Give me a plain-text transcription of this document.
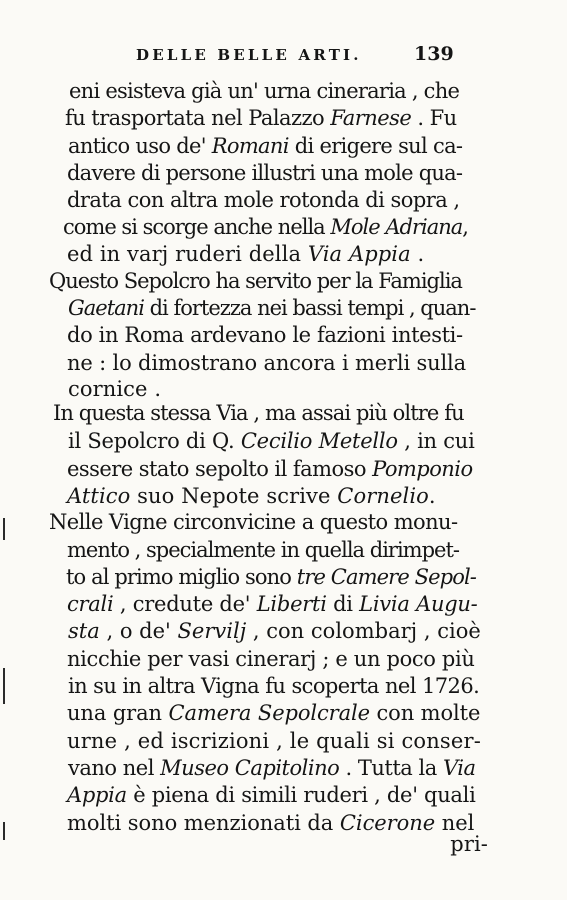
DELLE BELLE ARTI.	139
eni esisteva già un' urna cineraria , che
fu trasportata nel Palazzo Farnese . Fu
antico uso de' Romani di erigere sul ca-
davere di persone illustri una mole qua-
drata con altra mole rotonda di sopra ,
come si scorge anche nella Mole Adriana,
ed in varj ruderi della Via Appia .
Questo Sepolcro ha servito per la Famiglia
Gaetani di fortezza nei bassi tempi , quan-
do in Roma ardevano le fazioni intesti-
ne : lo dimostrano ancora i merli sulla
cornice .
In questa stessa Via , ma assai più oltre fu
il Sepolcro di Q. Cecilio Metello , in cui
essere stato sepolto il famoso Pomponio
Attico suo Nepote scrive Cornelio.
Nelle Vigne circonvicine a questo monu-
mento , specialmente in quella dirimpet-
to al primo miglio sono tre Camere Sepol-
crali , credute de' Liberti di Livia Augu-
sta , o de' Servilj , con colombarj , cioè
nicchie per vasi cinerarj ; e un poco più
in su in altra Vigna fu scoperta nel 1726.
una gran Camera Sepolcrale con molte
urne , ed iscrizioni , le quali si conser-
vano nel Museo Capitolino . Tutta la Via
Appia è piena di simili ruderi , de' quali
molti sono menzionati da Cicerone nel
pri-
